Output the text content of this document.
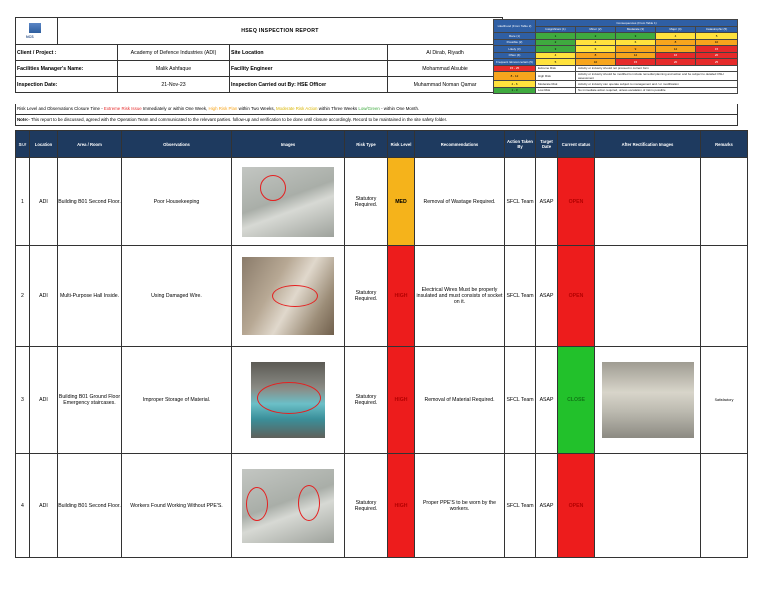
NCS	HSEQ INSPECTION REPORT				
Client / Project :		Academy of Defence Industries (ADI)	Site Location	Al Dirab, Riyadh	
Facilities Manager's Name:		Malik Ashfaque	Facility Engineer	Mohammad Alsubie	
Inspection Date:		21-Nov-23	Inspection Carried out By: HSE Officer	Muhammad Noman Qamar	
Likelihood (From Table 2)	Consequences (From Table 1)				
	Insignificant (1)	Minor (2)	Moderate (3)	Major (4)	Catastrophic (5)
Rare (1)	1	2	3	4	5
Possible (2)	2	4	6	8	10
Likely (3)	3	6	9	12	15
Often (4)	4	8	12	16	20
Frequent /almost certain (5)	5	10	15	20	25
15 - 25	Extreme Risk	Activity or industry should not proceed in current form			
8 - 12	High Risk	Activity or industry should be modified to include remedial planning and action and be subject to detailed OSH assessment			
4 - 6	Moderate Risk	Activity or industry can operate subject to management and / or modification			
1 - 3	Low Risk	No immediate action required, unless escalation of risk is possible			
Risk Level and Observations Closure Time - Extreme Risk Issue Immediately or within One Week, High Risk Plan within Two Weeks, Moderate Risk Action within Three Weeks Low/Green - within One Month.
Note:- This report to be discussed, agreed with the Operation Team and communicated to the relevant parties. follow-up and verification to be done until closure accordingly. Record to be maintained in the site safety folder.
Sr.#	Location	Area / Room	Observations	Images	Risk Type	Risk Level	Recommendations	Action Taken By	Target Date	Current status	After Rectification Images	Remarks
1	ADI	Building B01 Second Floor.	Poor Housekeeping		Statutory Required.	MED	Removal of Wastage Required.	SFCL Team	ASAP	OPEN		
2	ADI	Multi-Purpose Hall Inside.	Using Damaged Wire.		Statutory Required.	HIGH	Electrical Wires Must be properly insulated and must consists of socket on it.	SFCL Team	ASAP	OPEN		
3	ADI	Building B01 Ground Floor Emergency staircases.	Improper Storage of Material.		Statutory Required.	HIGH	Removal of Material Required.	SFCL Team	ASAP	CLOSE		Satisfactory
4	ADI	Building B01 Second Floor.	Workers Found Working Without PPE'S.		Statutory Required.	HIGH	Proper PPE'S to be worn by the workers.	SFCL Team	ASAP	OPEN		
